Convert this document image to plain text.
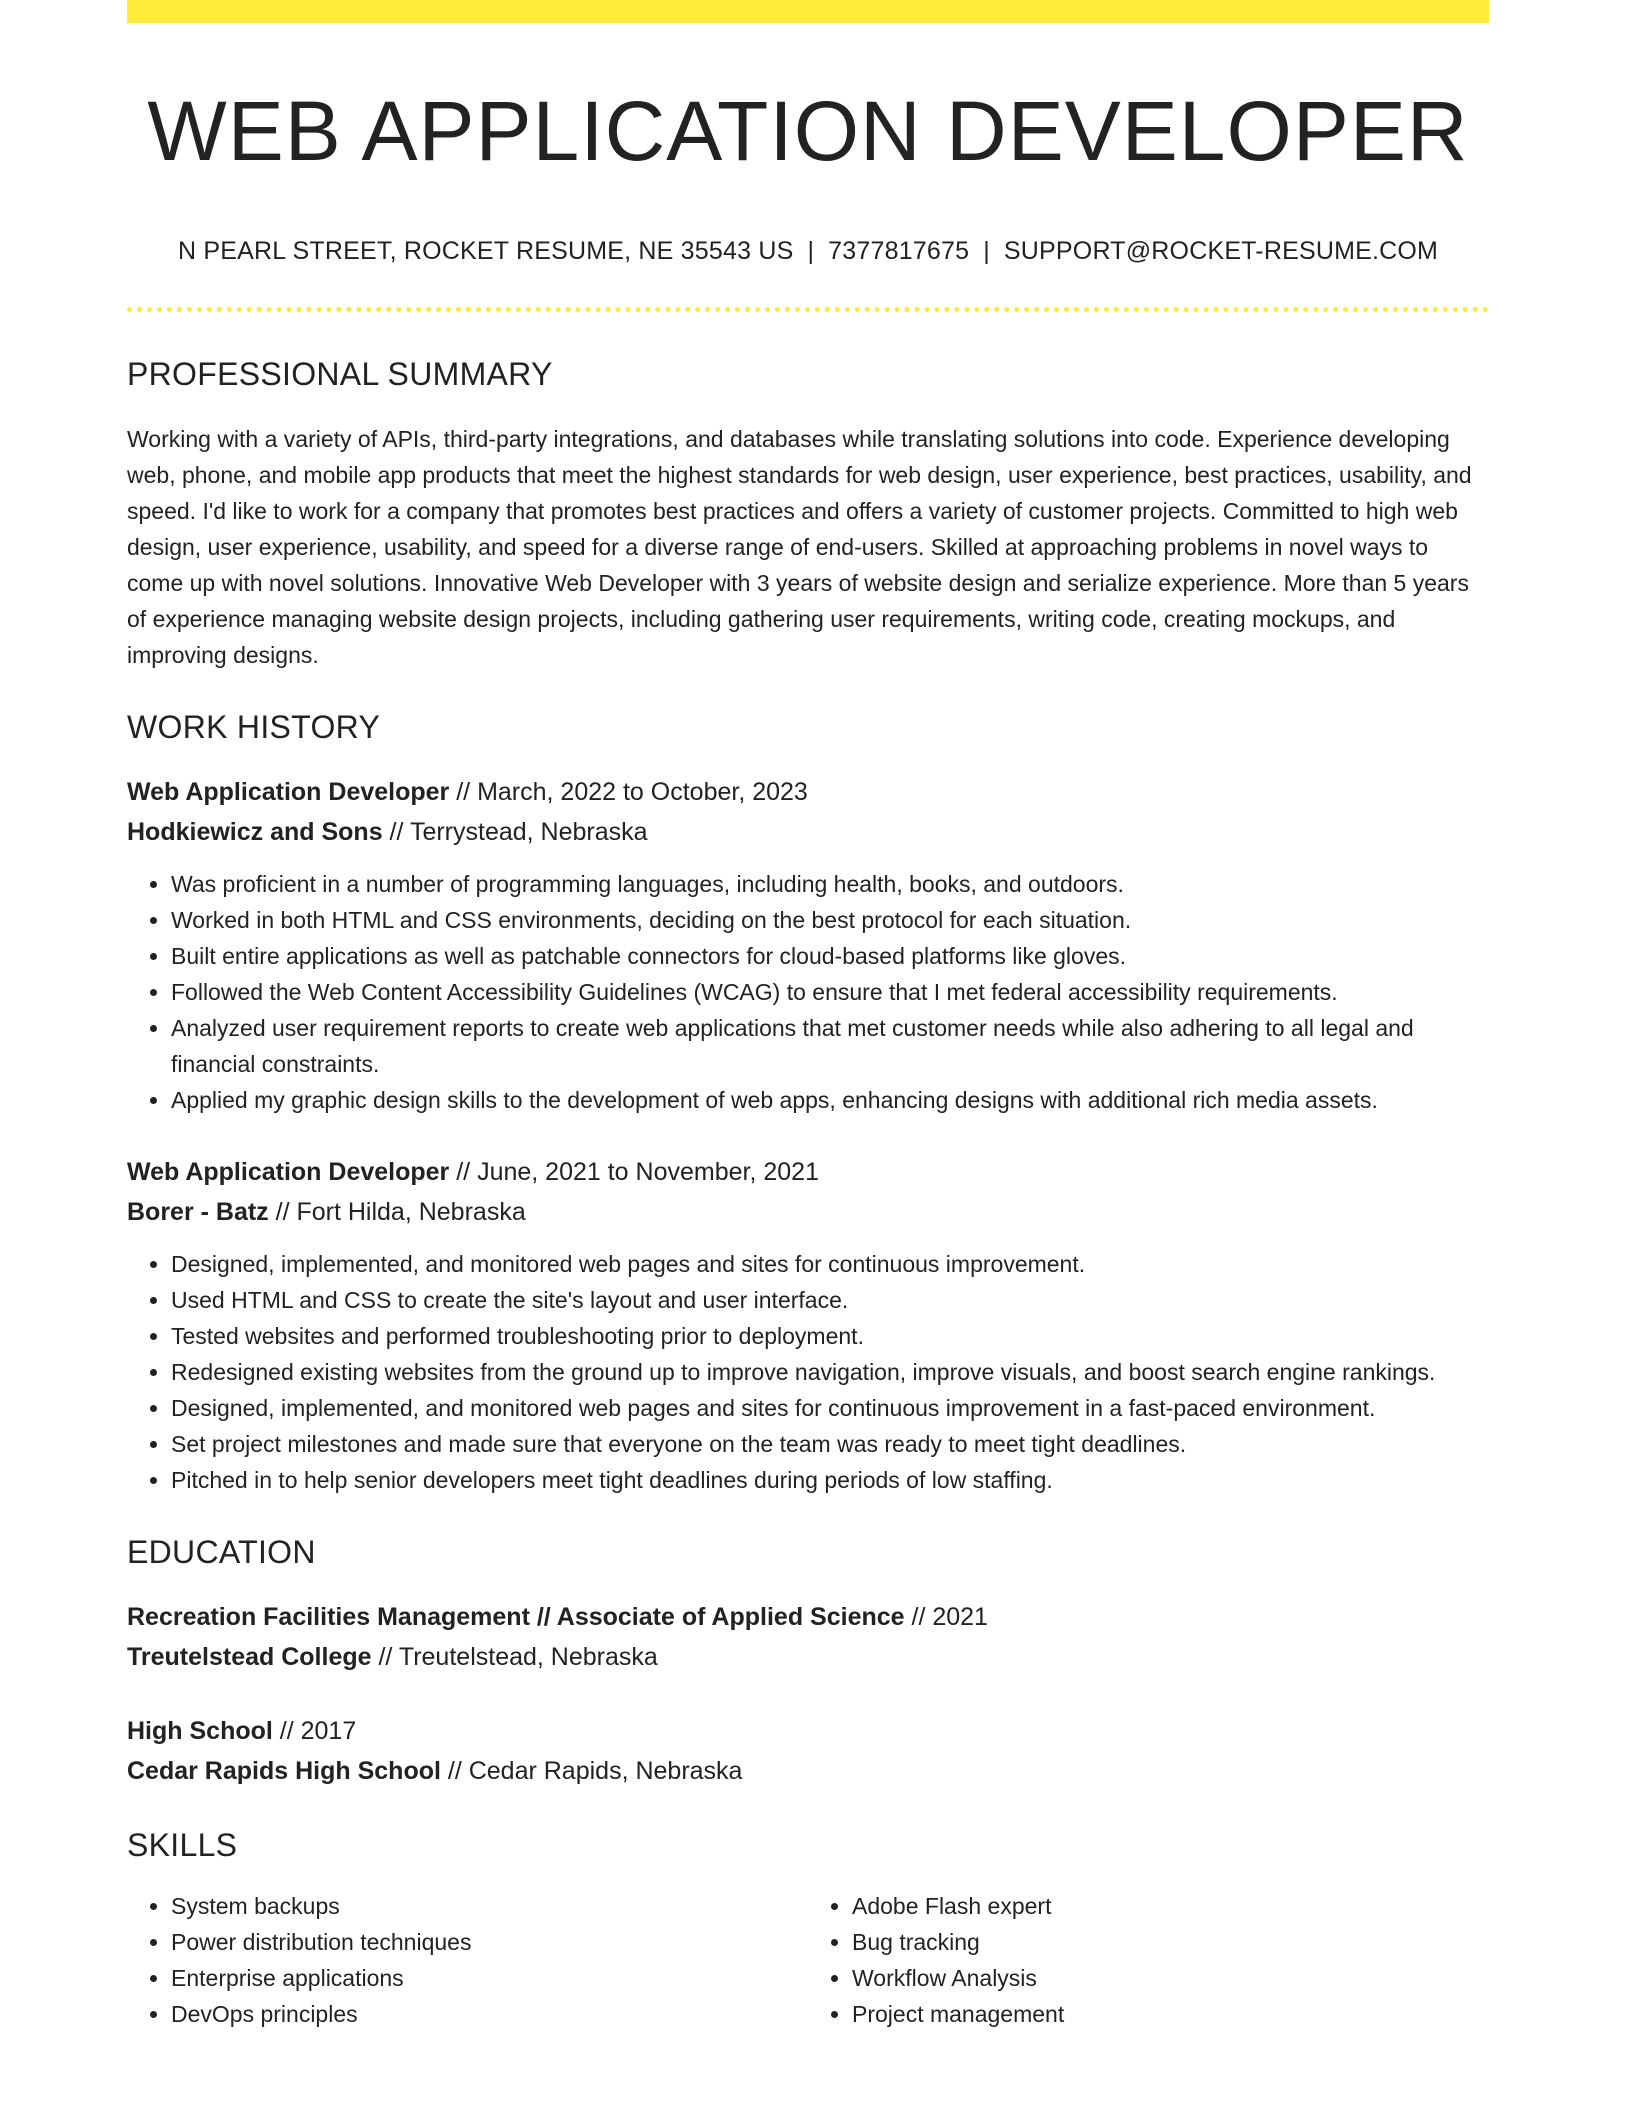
WEB APPLICATION DEVELOPER
N PEARL STREET, ROCKET RESUME, NE 35543 US | 7377817675 | SUPPORT@ROCKET-RESUME.COM
PROFESSIONAL SUMMARY
Working with a variety of APIs, third-party integrations, and databases while translating solutions into code. Experience developing web, phone, and mobile app products that meet the highest standards for web design, user experience, best practices, usability, and speed. I'd like to work for a company that promotes best practices and offers a variety of customer projects. Committed to high web design, user experience, usability, and speed for a diverse range of end-users. Skilled at approaching problems in novel ways to come up with novel solutions. Innovative Web Developer with 3 years of website design and serialize experience. More than 5 years of experience managing website design projects, including gathering user requirements, writing code, creating mockups, and improving designs.
WORK HISTORY
Web Application Developer // March, 2022 to October, 2023
Hodkiewicz and Sons // Terrystead, Nebraska
• Was proficient in a number of programming languages, including health, books, and outdoors.
• Worked in both HTML and CSS environments, deciding on the best protocol for each situation.
• Built entire applications as well as patchable connectors for cloud-based platforms like gloves.
• Followed the Web Content Accessibility Guidelines (WCAG) to ensure that I met federal accessibility requirements.
• Analyzed user requirement reports to create web applications that met customer needs while also adhering to all legal and financial constraints.
• Applied my graphic design skills to the development of web apps, enhancing designs with additional rich media assets.
Web Application Developer // June, 2021 to November, 2021
Borer - Batz // Fort Hilda, Nebraska
• Designed, implemented, and monitored web pages and sites for continuous improvement.
• Used HTML and CSS to create the site's layout and user interface.
• Tested websites and performed troubleshooting prior to deployment.
• Redesigned existing websites from the ground up to improve navigation, improve visuals, and boost search engine rankings.
• Designed, implemented, and monitored web pages and sites for continuous improvement in a fast-paced environment.
• Set project milestones and made sure that everyone on the team was ready to meet tight deadlines.
• Pitched in to help senior developers meet tight deadlines during periods of low staffing.
EDUCATION
Recreation Facilities Management // Associate of Applied Science // 2021
Treutelstead College // Treutelstead, Nebraska
High School // 2017
Cedar Rapids High School // Cedar Rapids, Nebraska
SKILLS
• System backups
• Power distribution techniques
• Enterprise applications
• DevOps principles
• Adobe Flash expert
• Bug tracking
• Workflow Analysis
• Project management
